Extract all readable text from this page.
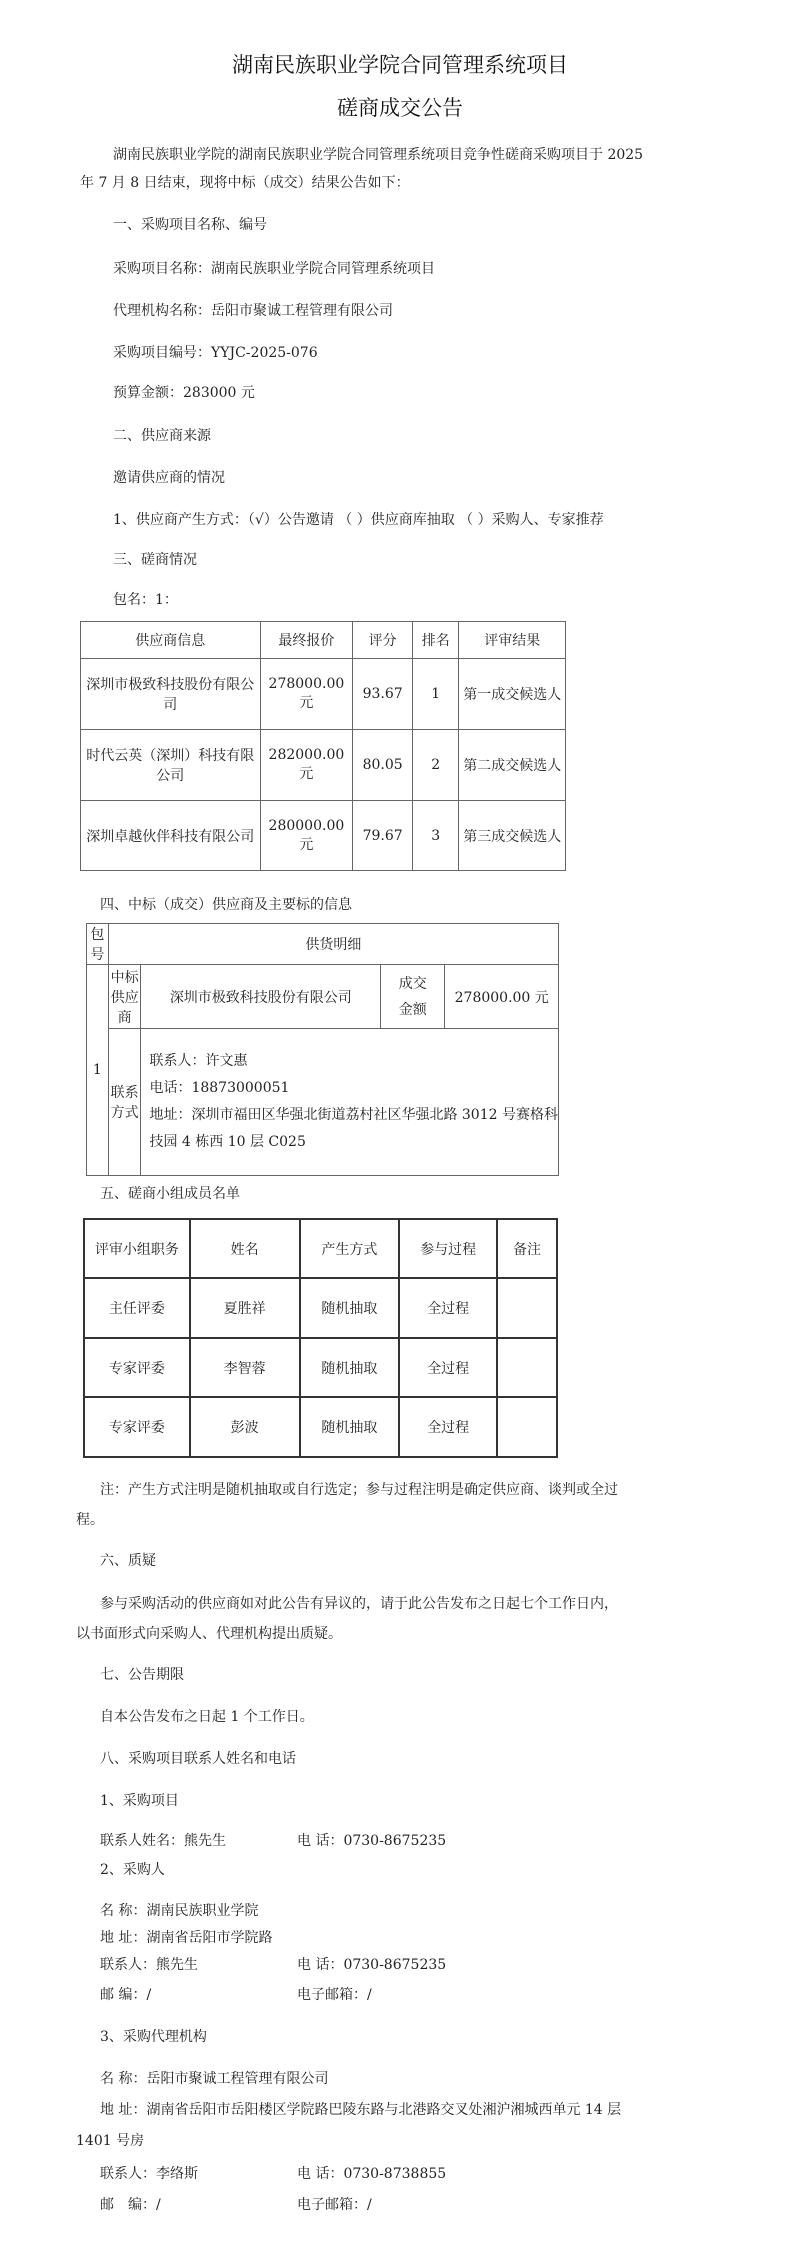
湖南民族职业学院合同管理系统项目
磋商成交公告
湖南民族职业学院的湖南民族职业学院合同管理系统项目竞争性磋商采购项目于 2025
年 7 月 8 日结束，现将中标（成交）结果公告如下：
一、采购项目名称、编号
采购项目名称：湖南民族职业学院合同管理系统项目
代理机构名称：岳阳市聚诚工程管理有限公司
采购项目编号：YYJC-2025-076
预算金额：283000 元
二、供应商来源
邀请供应商的情况
1、供应商产生方式：（√）公告邀请 （ ）供应商库抽取 （ ）采购人、专家推荐
三、磋商情况
包名：1：
供应商信息	最终报价	评分	排名	评审结果
深圳市极致科技股份有限公司	278000.00 元	93.67	1	第一成交候选人
时代云英（深圳）科技有限公司	282000.00 元	80.05	2	第二成交候选人
深圳卓越伙伴科技有限公司	280000.00 元	79.67	3	第三成交候选人
四、中标（成交）供应商及主要标的信息
包号	供货明细			
1	中标供应商	深圳市极致科技股份有限公司	成交
金额	278000.00 元
	联系方式	联系人：许文惠
电话：18873000051
地址：深圳市福田区华强北街道荔村社区华强北路 3012 号赛格科
技园 4 栋西 10 层 C025		
五、磋商小组成员名单
评审小组职务	姓名	产生方式	参与过程	备注
主任评委	夏胜祥	随机抽取	全过程	
专家评委	李智蓉	随机抽取	全过程	
专家评委	彭波	随机抽取	全过程	
注：产生方式注明是随机抽取或自行选定；参与过程注明是确定供应商、谈判或全过
程。
六、质疑
参与采购活动的供应商如对此公告有异议的，请于此公告发布之日起七个工作日内，
以书面形式向采购人、代理机构提出质疑。
七、公告期限
自本公告发布之日起 1 个工作日。
八、采购项目联系人姓名和电话
1、采购项目
联系人姓名：熊先生	电 话：0730-8675235
2、采购人
名 称：湖南民族职业学院
地 址：湖南省岳阳市学院路
联系人：熊先生	电 话：0730-8675235
邮 编：/	电子邮箱：/
3、采购代理机构
名 称：岳阳市聚诚工程管理有限公司
地 址：湖南省岳阳市岳阳楼区学院路巴陵东路与北港路交叉处湘沪湘城西单元 14 层
1401 号房
联系人：李络斯	电 话：0730-8738855
邮　编：/	电子邮箱：/
